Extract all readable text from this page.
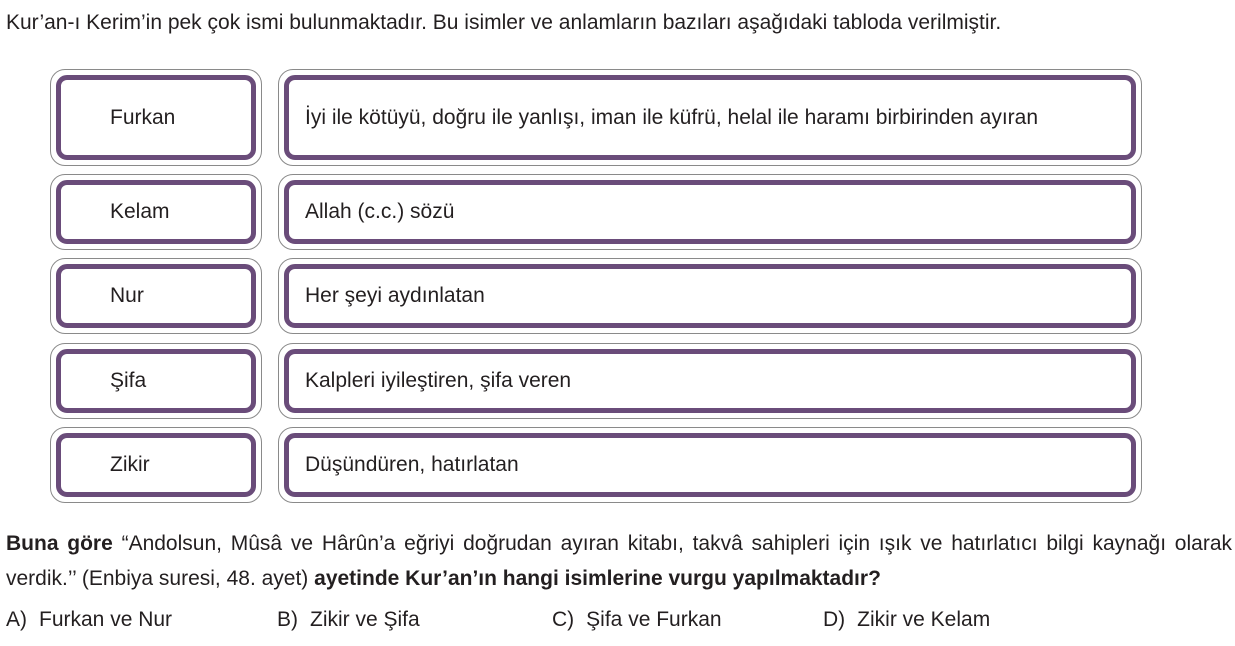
Kur’an-ı Kerim’in pek çok ismi bulunmaktadır. Bu isimler ve anlamların bazıları aşağıdaki tabloda verilmiştir.
Furkan	İyi ile kötüyü, doğru ile yanlışı, iman ile küfrü, helal ile haramı birbirinden ayıran
Kelam	Allah (c.c.) sözü
Nur	Her şeyi aydınlatan
Şifa	Kalpleri iyileştiren, şifa veren
Zikir	Düşündüren, hatırlatan
Buna göre “Andolsun, Mûsâ ve Hârûn’a eğriyi doğrudan ayıran kitabı, takvâ sahipleri için ışık ve hatırlatıcı bilgi kaynağı olarak verdik.’’ (Enbiya suresi, 48. ayet) ayetinde Kur’an’ın hangi isimlerine vurgu yapılmaktadır?
A) Furkan ve Nur	B) Zikir ve Şifa	C) Şifa ve Furkan	D) Zikir ve Kelam
